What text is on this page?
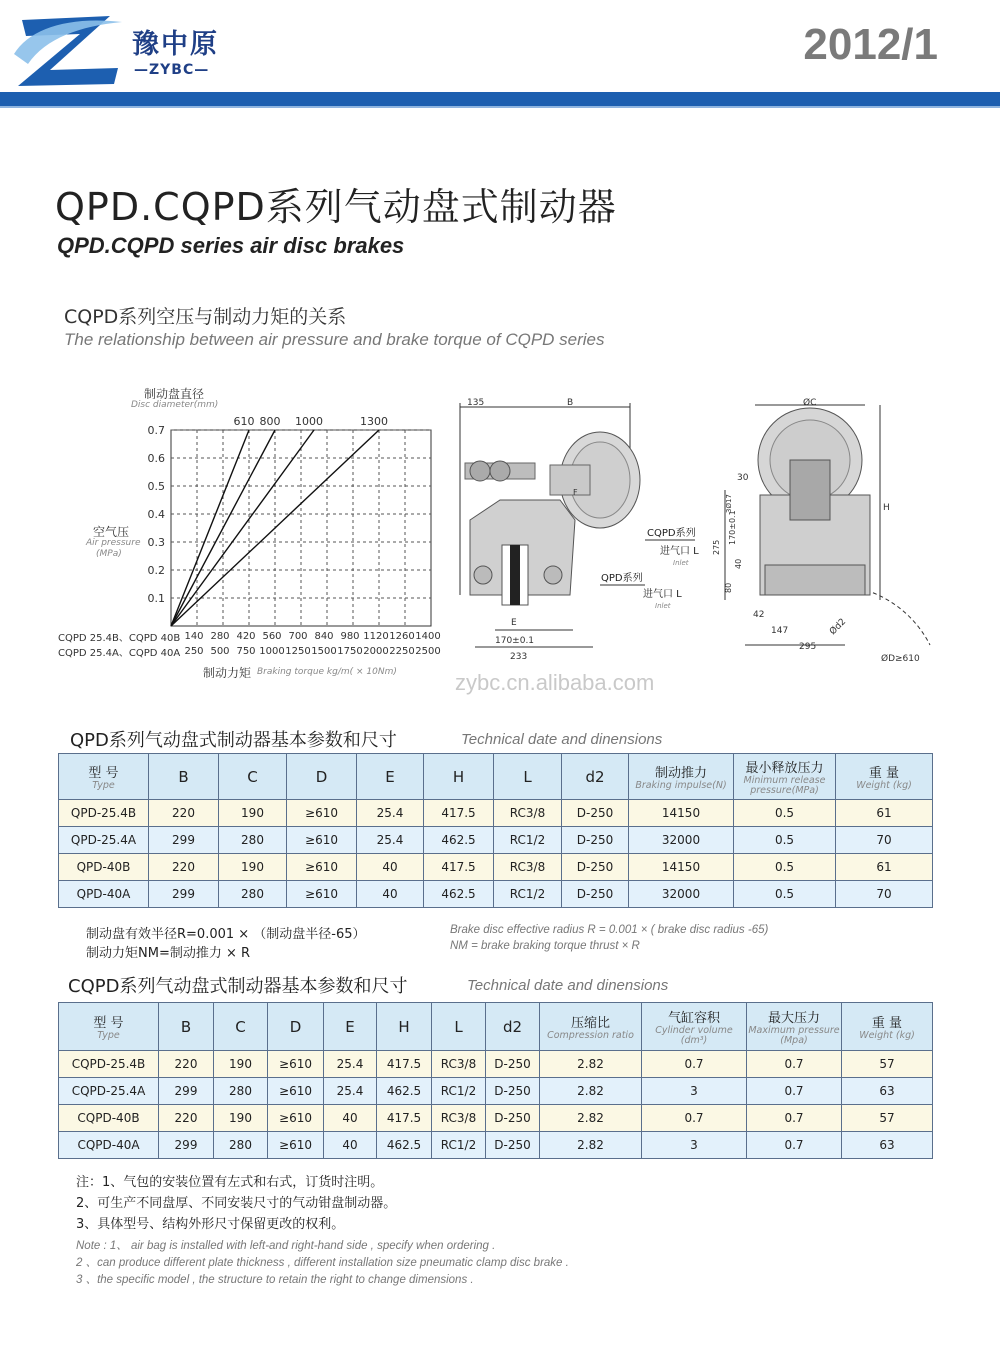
豫中原
—ZYBC—
2012/1
QPD.CQPD系列气动盘式制动器
QPD.CQPD series air disc brakes
CQPD系列空压与制动力矩的关系
The relationship between air pressure and brake torque of CQPD series
制动盘直径
Disc diameter(mm)
空气压
Air pressure
(MPa)
CQPD 25.4B、CQPD 40B
CQPD 25.4A、CQPD 40A
制动力矩 Braking torque kg/m( × 10Nm)
0.7
0.6
0.5
0.4
0.3
0.2
0.1
140
250
280
500
420
750
560
1000
700
1250
840
1500
980
1750
1120
2000
1260
2250
1400
2500
610 800 1000	1300
135	B
F
E
170±0.1
233
CQPD系列
进气口 L
Inlet
QPD系列
进气口 L
Inlet
ØC
H
30
3Ø17
170±0.1
275
40
80
42
147
295
Ød2
ØD≥610
zybc.cn.alibaba.com
QPD系列气动盘式制动器基本参数和尺寸	Technical date and dinensions
型 号
Type	B	C	D	E	H	L	d2	制动推力
Braking impulse(N)	最小释放压力
Minimum release pressure(MPa)	重 量
Weight (kg)

QPD-25.4B	220	190	≥610	25.4	417.5	RC3/8	D-250	14150	0.5	61
QPD-25.4A	299	280	≥610	25.4	462.5	RC1/2	D-250	32000	0.5	70
QPD-40B	220	190	≥610	40	417.5	RC3/8	D-250	14150	0.5	61
QPD-40A	299	280	≥610	40	462.5	RC1/2	D-250	32000	0.5	70
制动盘有效半径R=0.001 × （制动盘半径-65）
制动力矩NM=制动推力 × R
Brake disc effective radius R = 0.001 × ( brake disc radius -65)
NM = brake braking torque thrust × R
CQPD系列气动盘式制动器基本参数和尺寸	Technical date and dinensions
型 号
Type	B	C	D	E	H	L	d2	压缩比
Compression ratio	气缸容积
Cylinder volume (dm³)	最大压力
Maximum pressure (Mpa)	重 量
Weight (kg)

CQPD-25.4B	220	190	≥610	25.4	417.5	RC3/8	D-250	2.82	0.7	0.7	57
CQPD-25.4A	299	280	≥610	25.4	462.5	RC1/2	D-250	2.82	3	0.7	63
CQPD-40B	220	190	≥610	40	417.5	RC3/8	D-250	2.82	0.7	0.7	57
CQPD-40A	299	280	≥610	40	462.5	RC1/2	D-250	2.82	3	0.7	63
注：1、气包的安装位置有左式和右式，订货时注明。
2、可生产不同盘厚、不同安装尺寸的气动钳盘制动器。
3、具体型号、结构外形尺寸保留更改的权利。
Note : 1、 air bag is installed with left-and right-hand side , specify when ordering .
2 、can produce different plate thickness , different installation size pneumatic clamp disc brake .
3 、the specific model , the structure to retain the right to change dimensions .
